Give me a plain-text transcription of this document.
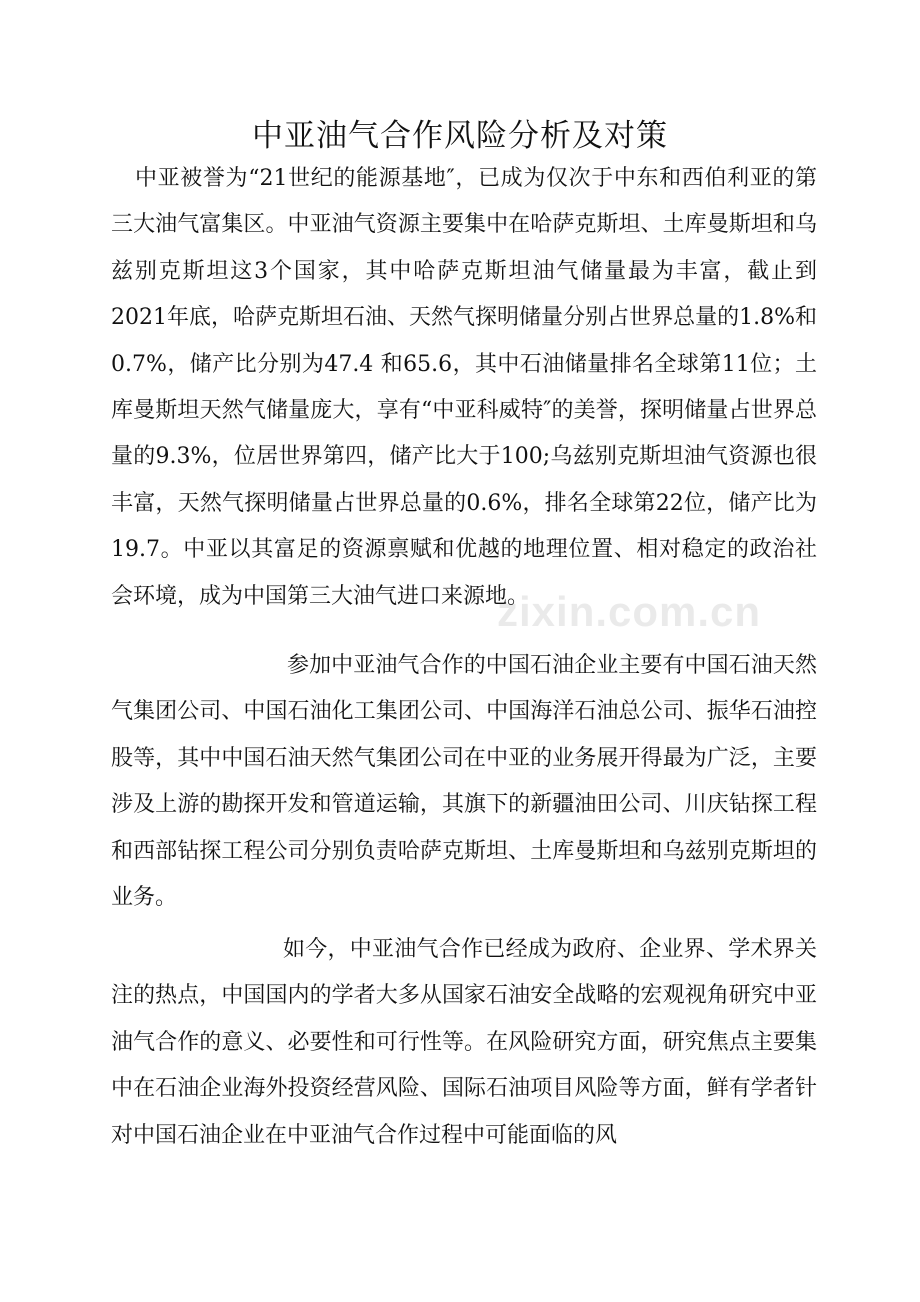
中亚油气合作风险分析及对策

中亚被誉为“21世纪的能源基地″，已成为仅次于中东和西伯利亚的第三大油气富集区。中亚油气资源主要集中在哈萨克斯坦、土库曼斯坦和乌兹别克斯坦这3个国家，其中哈萨克斯坦油气储量最为丰富，截止到2021年底，哈萨克斯坦石油、天然气探明储量分别占世界总量的1.8%和0.7%，储产比分别为47.4 和65.6，其中石油储量排名全球第11位；土库曼斯坦天然气储量庞大，享有“中亚科威特″的美誉，探明储量占世界总量的9.3%，位居世界第四，储产比大于100;乌兹别克斯坦油气资源也很丰富，天然气探明储量占世界总量的0.6%，排名全球第22位，储产比为19.7。中亚以其富足的资源禀赋和优越的地理位置、相对稳定的政治社会环境，成为中国第三大油气进口来源地。

参加中亚油气合作的中国石油企业主要有中国石油天然气集团公司、中国石油化工集团公司、中国海洋石油总公司、振华石油控股等，其中中国石油天然气集团公司在中亚的业务展开得最为广泛，主要涉及上游的勘探开发和管道运输，其旗下的新疆油田公司、川庆钻探工程和西部钻探工程公司分别负责哈萨克斯坦、土库曼斯坦和乌兹别克斯坦的业务。

如今，中亚油气合作已经成为政府、企业界、学术界关注的热点，中国国内的学者大多从国家石油安全战略的宏观视角研究中亚油气合作的意义、必要性和可行性等。在风险研究方面，研究焦点主要集中在石油企业海外投资经营风险、国际石油项目风险等方面，鲜有学者针对中国石油企业在中亚油气合作过程中可能面临的风

zixin.com.cn
